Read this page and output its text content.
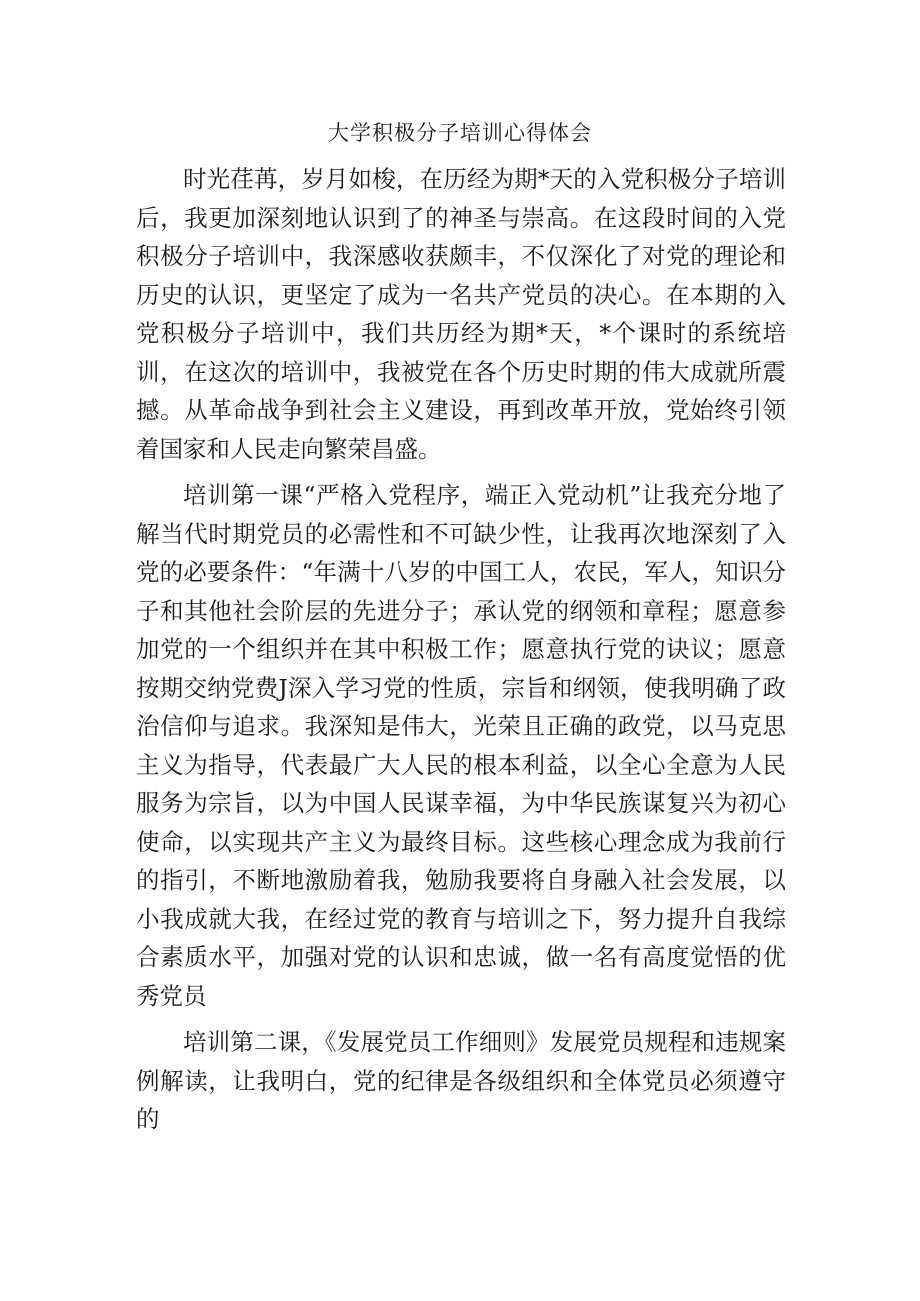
大学积极分子培训心得体会

时光荏苒，岁月如梭，在历经为期*天的入党积极分子培训后，我更加深刻地认识到了的神圣与崇高。在这段时间的入党积极分子培训中，我深感收获颇丰，不仅深化了对党的理论和历史的认识，更坚定了成为一名共产党员的决心。在本期的入党积极分子培训中，我们共历经为期*天，*个课时的系统培训，在这次的培训中，我被党在各个历史时期的伟大成就所震撼。从革命战争到社会主义建设，再到改革开放，党始终引领着国家和人民走向繁荣昌盛。

培训第一课“严格入党程序，端正入党动机”让我充分地了解当代时期党员的必需性和不可缺少性，让我再次地深刻了入党的必要条件：“年满十八岁的中国工人，农民，军人，知识分子和其他社会阶层的先进分子；承认党的纲领和章程；愿意参加党的一个组织并在其中积极工作；愿意执行党的诀议；愿意按期交纳党费J深入学习党的性质，宗旨和纲领，使我明确了政治信仰与追求。我深知是伟大，光荣且正确的政党，以马克思主义为指导，代表最广大人民的根本利益，以全心全意为人民服务为宗旨，以为中国人民谋幸福，为中华民族谋复兴为初心使命，以实现共产主义为最终目标。这些核心理念成为我前行的指引，不断地激励着我，勉励我要将自身融入社会发展，以小我成就大我，在经过党的教育与培训之下，努力提升自我综合素质水平，加强对党的认识和忠诚，做一名有高度觉悟的优秀党员

培训第二课，《发展党员工作细则》发展党员规程和违规案例解读，让我明白，党的纪律是各级组织和全体党员必须遵守的
